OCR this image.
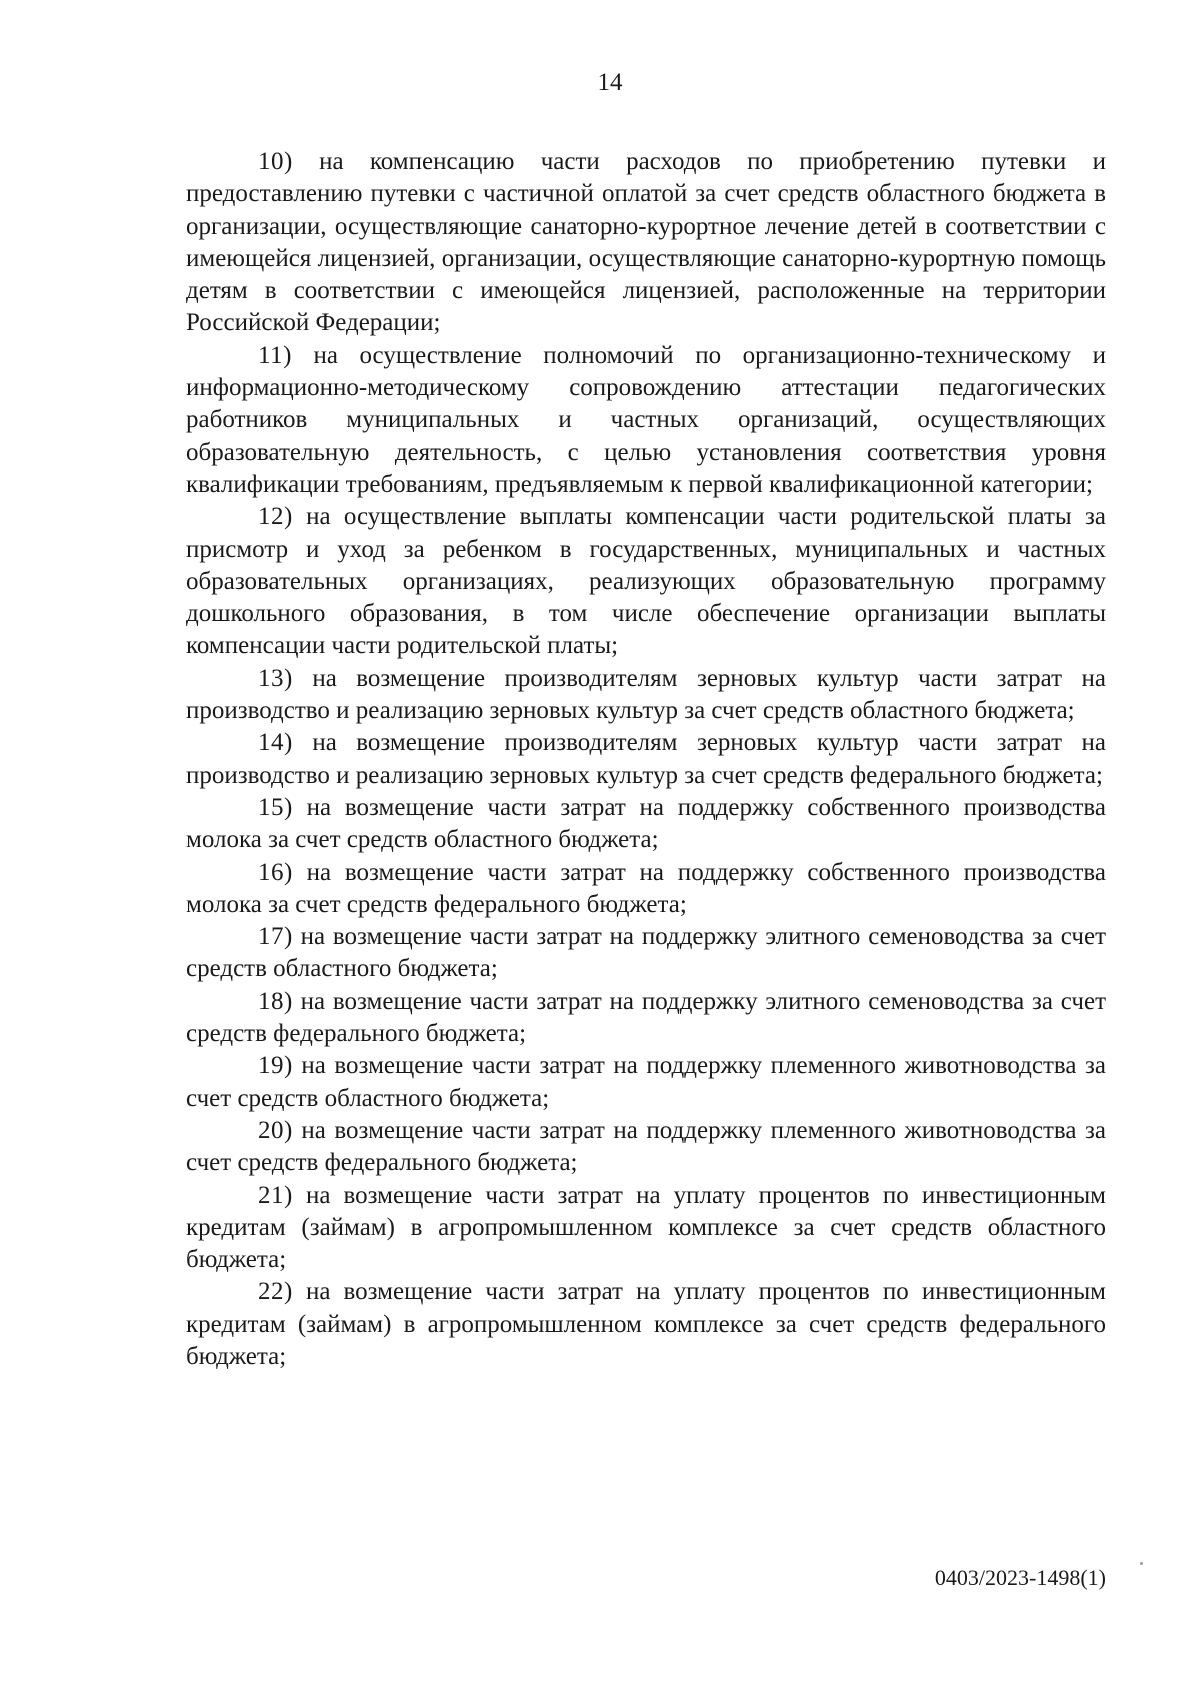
14

10) на компенсацию части расходов по приобретению путевки и предоставлению путевки с частичной оплатой за счет средств областного бюджета в организации, осуществляющие санаторно-курортное лечение детей в соответствии с имеющейся лицензией, организации, осуществляющие санаторно-курортную помощь детям в соответствии с имеющейся лицензией, расположенные на территории Российской Федерации;

11) на осуществление полномочий по организационно-техническому и информационно-методическому сопровождению аттестации педагогических работников муниципальных и частных организаций, осуществляющих образовательную деятельность, с целью установления соответствия уровня квалификации требованиям, предъявляемым к первой квалификационной категории;

12) на осуществление выплаты компенсации части родительской платы за присмотр и уход за ребенком в государственных, муниципальных и частных образовательных организациях, реализующих образовательную программу дошкольного образования, в том числе обеспечение организации выплаты компенсации части родительской платы;

13) на возмещение производителям зерновых культур части затрат на производство и реализацию зерновых культур за счет средств областного бюджета;

14) на возмещение производителям зерновых культур части затрат на производство и реализацию зерновых культур за счет средств федерального бюджета;

15) на возмещение части затрат на поддержку собственного производства молока за счет средств областного бюджета;

16) на возмещение части затрат на поддержку собственного производства молока за счет средств федерального бюджета;

17) на возмещение части затрат на поддержку элитного семеноводства за счет средств областного бюджета;

18) на возмещение части затрат на поддержку элитного семеноводства за счет средств федерального бюджета;

19) на возмещение части затрат на поддержку племенного животноводства за счет средств областного бюджета;

20) на возмещение части затрат на поддержку племенного животноводства за счет средств федерального бюджета;

21) на возмещение части затрат на уплату процентов по инвестиционным кредитам (займам) в агропромышленном комплексе за счет средств областного бюджета;

22) на возмещение части затрат на уплату процентов по инвестиционным кредитам (займам) в агропромышленном комплексе за счет средств федерального бюджета;

0403/2023-1498(1)
